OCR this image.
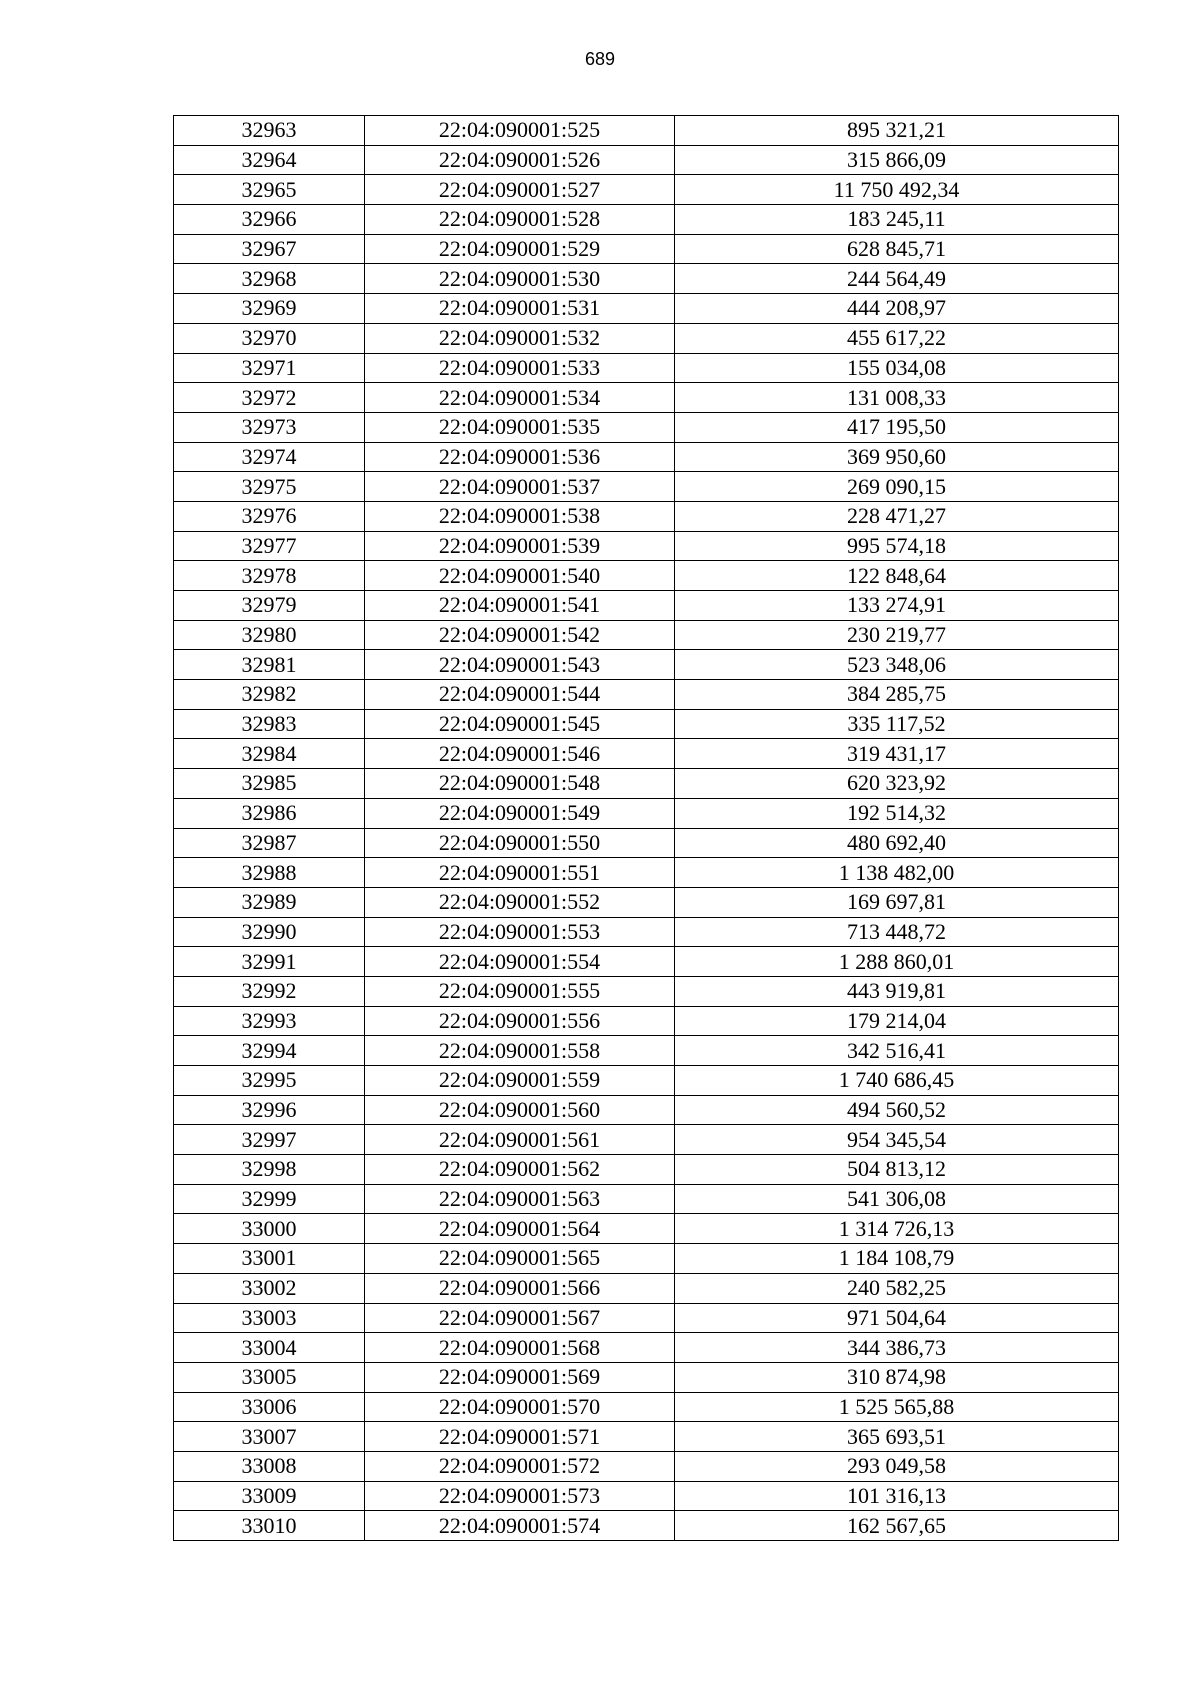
689
32963	22:04:090001:525	895 321,21
32964	22:04:090001:526	315 866,09
32965	22:04:090001:527	11 750 492,34
32966	22:04:090001:528	183 245,11
32967	22:04:090001:529	628 845,71
32968	22:04:090001:530	244 564,49
32969	22:04:090001:531	444 208,97
32970	22:04:090001:532	455 617,22
32971	22:04:090001:533	155 034,08
32972	22:04:090001:534	131 008,33
32973	22:04:090001:535	417 195,50
32974	22:04:090001:536	369 950,60
32975	22:04:090001:537	269 090,15
32976	22:04:090001:538	228 471,27
32977	22:04:090001:539	995 574,18
32978	22:04:090001:540	122 848,64
32979	22:04:090001:541	133 274,91
32980	22:04:090001:542	230 219,77
32981	22:04:090001:543	523 348,06
32982	22:04:090001:544	384 285,75
32983	22:04:090001:545	335 117,52
32984	22:04:090001:546	319 431,17
32985	22:04:090001:548	620 323,92
32986	22:04:090001:549	192 514,32
32987	22:04:090001:550	480 692,40
32988	22:04:090001:551	1 138 482,00
32989	22:04:090001:552	169 697,81
32990	22:04:090001:553	713 448,72
32991	22:04:090001:554	1 288 860,01
32992	22:04:090001:555	443 919,81
32993	22:04:090001:556	179 214,04
32994	22:04:090001:558	342 516,41
32995	22:04:090001:559	1 740 686,45
32996	22:04:090001:560	494 560,52
32997	22:04:090001:561	954 345,54
32998	22:04:090001:562	504 813,12
32999	22:04:090001:563	541 306,08
33000	22:04:090001:564	1 314 726,13
33001	22:04:090001:565	1 184 108,79
33002	22:04:090001:566	240 582,25
33003	22:04:090001:567	971 504,64
33004	22:04:090001:568	344 386,73
33005	22:04:090001:569	310 874,98
33006	22:04:090001:570	1 525 565,88
33007	22:04:090001:571	365 693,51
33008	22:04:090001:572	293 049,58
33009	22:04:090001:573	101 316,13
33010	22:04:090001:574	162 567,65
